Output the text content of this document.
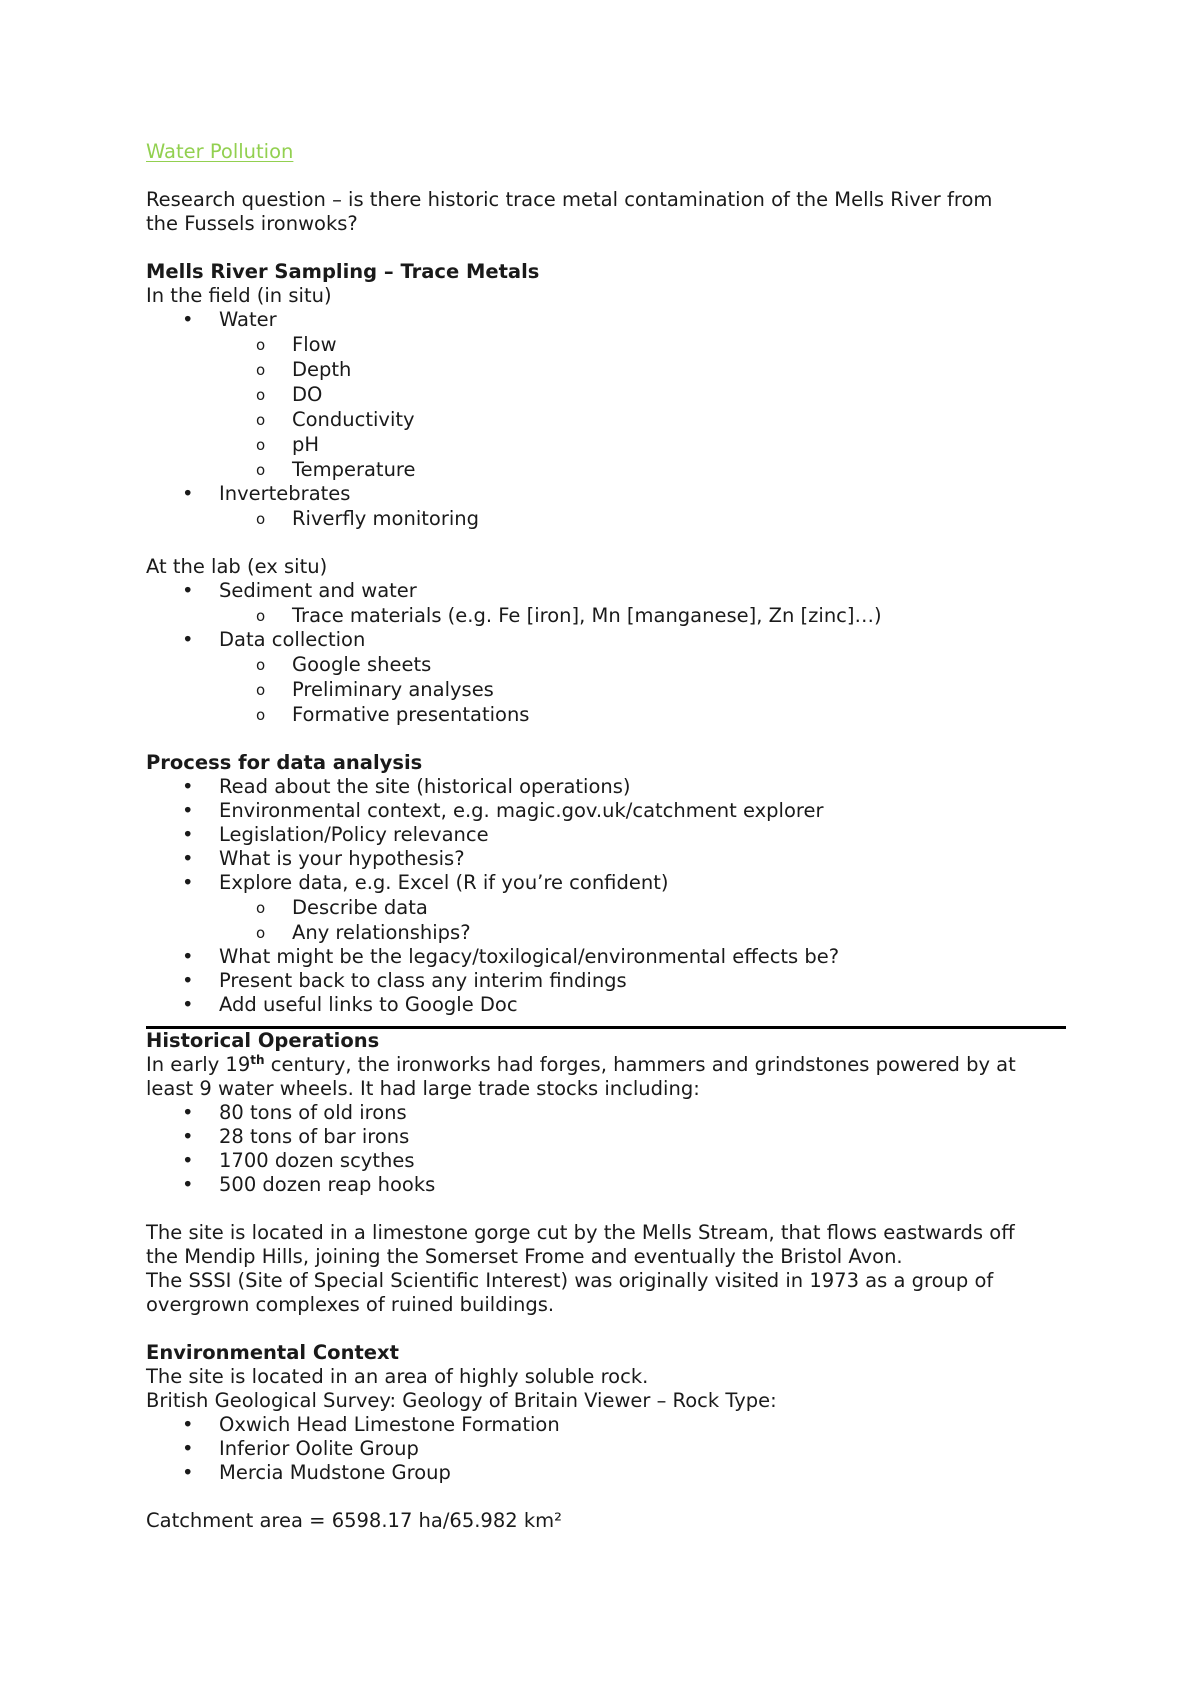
Water Pollution
Research question – is there historic trace metal contamination of the Mells River from
the Fussels ironwoks?
Mells River Sampling – Trace Metals
In the field (in situ)
• Water
o Flow
o Depth
o DO
o Conductivity
o pH
o Temperature
• Invertebrates
o Riverfly monitoring
At the lab (ex situ)
• Sediment and water
o Trace materials (e.g. Fe [iron], Mn [manganese], Zn [zinc]…)
• Data collection
o Google sheets
o Preliminary analyses
o Formative presentations
Process for data analysis
• Read about the site (historical operations)
• Environmental context, e.g. magic.gov.uk/catchment explorer
• Legislation/Policy relevance
• What is your hypothesis?
• Explore data, e.g. Excel (R if you’re confident)
o Describe data
o Any relationships?
• What might be the legacy/toxilogical/environmental effects be?
• Present back to class any interim findings
• Add useful links to Google Doc
Historical Operations
In early 19th century, the ironworks had forges, hammers and grindstones powered by at
least 9 water wheels. It had large trade stocks including:
• 80 tons of old irons
• 28 tons of bar irons
• 1700 dozen scythes
• 500 dozen reap hooks
The site is located in a limestone gorge cut by the Mells Stream, that flows eastwards off
the Mendip Hills, joining the Somerset Frome and eventually the Bristol Avon.
The SSSI (Site of Special Scientific Interest) was originally visited in 1973 as a group of
overgrown complexes of ruined buildings.
Environmental Context
The site is located in an area of highly soluble rock.
British Geological Survey: Geology of Britain Viewer – Rock Type:
• Oxwich Head Limestone Formation
• Inferior Oolite Group
• Mercia Mudstone Group
Catchment area = 6598.17 ha/65.982 km²
